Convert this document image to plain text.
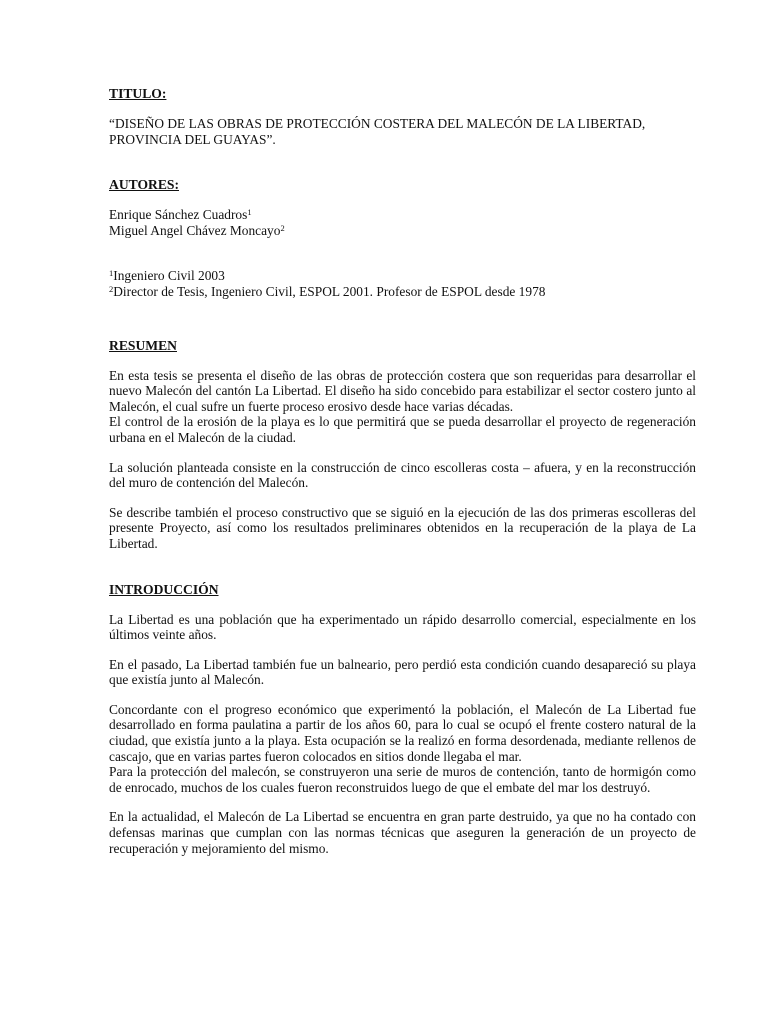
TITULO:

“DISEÑO DE LAS OBRAS DE PROTECCIÓN COSTERA DEL MALECÓN DE LA LIBERTAD, PROVINCIA DEL GUAYAS”.

AUTORES:

Enrique Sánchez Cuadros$^1$

Miguel Angel Chávez Moncayo$^2$

$^1$Ingeniero Civil 2003

$^2$Director de Tesis, Ingeniero Civil, ESPOL 2001. Profesor de ESPOL desde 1978

RESUMEN

En esta tesis se presenta el diseño de las obras de protección costera que son requeridas para desarrollar el nuevo Malecón del cantón La Libertad. El diseño ha sido concebido para estabilizar el sector costero junto al Malecón, el cual sufre un fuerte proceso erosivo desde hace varias décadas.

El control de la erosión de la playa es lo que permitirá que se pueda desarrollar el proyecto de regeneración urbana en el Malecón de la ciudad.

La solución planteada consiste en la construcción de cinco escolleras costa – afuera, y en la reconstrucción del muro de contención del Malecón.

Se describe también el proceso constructivo que se siguió en la ejecución de las dos primeras escolleras del presente Proyecto, así como los resultados preliminares obtenidos en la recuperación de la playa de La Libertad.

INTRODUCCIÓN

La Libertad es una población que ha experimentado un rápido desarrollo comercial, especialmente en los últimos veinte años.

En el pasado, La Libertad también fue un balneario, pero perdió esta condición cuando desapareció su playa que existía junto al Malecón.

Concordante con el progreso económico que experimentó la población, el Malecón de La Libertad fue desarrollado en forma paulatina a partir de los años 60, para lo cual se ocupó el frente costero natural de la ciudad, que existía junto a la playa. Esta ocupación se la realizó en forma desordenada, mediante rellenos de cascajo, que en varias partes fueron colocados en sitios donde llegaba el mar.

Para la protección del malecón, se construyeron una serie de muros de contención, tanto de hormigón como de enrocado, muchos de los cuales fueron reconstruidos luego de que el embate del mar los destruyó.

En la actualidad, el Malecón de La Libertad se encuentra en gran parte destruido, ya que no ha contado con defensas marinas que cumplan con las normas técnicas que aseguren la generación de un proyecto de recuperación y mejoramiento del mismo.
